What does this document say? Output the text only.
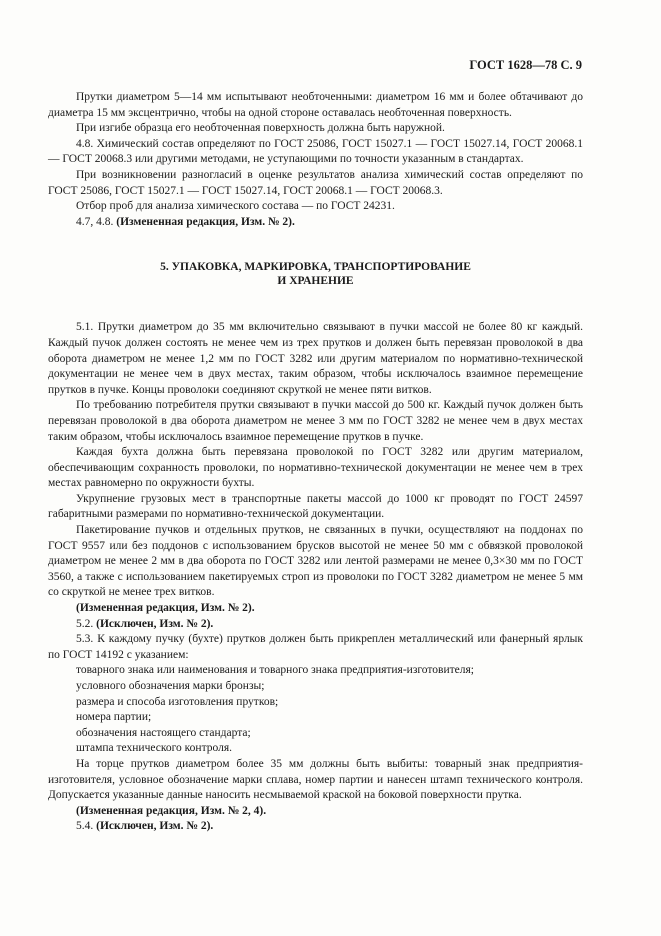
ГОСТ 1628—78 С. 9

Прутки диаметром 5—14 мм испытывают необточенными: диаметром 16 мм и более обтачивают до диаметра 15 мм эксцентрично, чтобы на одной стороне оставалась необточенная поверхность.

При изгибе образца его необточенная поверхность должна быть наружной.

4.8. Химический состав определяют по ГОСТ 25086, ГОСТ 15027.1 — ГОСТ 15027.14, ГОСТ 20068.1 — ГОСТ 20068.3 или другими методами, не уступающими по точности указанным в стандартах.

При возникновении разногласий в оценке результатов анализа химический состав определяют по ГОСТ 25086, ГОСТ 15027.1 — ГОСТ 15027.14, ГОСТ 20068.1 — ГОСТ 20068.3.

Отбор проб для анализа химического состава — по ГОСТ 24231.

4.7, 4.8. (Измененная редакция, Изм. № 2).

5. УПАКОВКА, МАРКИРОВКА, ТРАНСПОРТИРОВАНИЕ
И ХРАНЕНИЕ

5.1. Прутки диаметром до 35 мм включительно связывают в пучки массой не более 80 кг каждый. Каждый пучок должен состоять не менее чем из трех прутков и должен быть перевязан проволокой в два оборота диаметром не менее 1,2 мм по ГОСТ 3282 или другим материалом по нормативно-технической документации не менее чем в двух местах, таким образом, чтобы исключалось взаимное перемещение прутков в пучке. Концы проволоки соединяют скруткой не менее пяти витков.

По требованию потребителя прутки связывают в пучки массой до 500 кг. Каждый пучок должен быть перевязан проволокой в два оборота диаметром не менее 3 мм по ГОСТ 3282 не менее чем в двух местах таким образом, чтобы исключалось взаимное перемещение прутков в пучке.

Каждая бухта должна быть перевязана проволокой по ГОСТ 3282 или другим материалом, обеспечивающим сохранность проволоки, по нормативно-технической документации не менее чем в трех местах равномерно по окружности бухты.

Укрупнение грузовых мест в транспортные пакеты массой до 1000 кг проводят по ГОСТ 24597 габаритными размерами по нормативно-технической документации.

Пакетирование пучков и отдельных прутков, не связанных в пучки, осуществляют на поддонах по ГОСТ 9557 или без поддонов с использованием брусков высотой не менее 50 мм с обвязкой проволокой диаметром не менее 2 мм в два оборота по ГОСТ 3282 или лентой размерами не менее 0,3×30 мм по ГОСТ 3560, а также с использованием пакетируемых строп из проволоки по ГОСТ 3282 диаметром не менее 5 мм со скруткой не менее трех витков.

(Измененная редакция, Изм. № 2).

5.2. (Исключен, Изм. № 2).

5.3. К каждому пучку (бухте) прутков должен быть прикреплен металлический или фанерный ярлык по ГОСТ 14192 с указанием:

товарного знака или наименования и товарного знака предприятия-изготовителя;

условного обозначения марки бронзы;

размера и способа изготовления прутков;

номера партии;

обозначения настоящего стандарта;

штампа технического контроля.

На торце прутков диаметром более 35 мм должны быть выбиты: товарный знак предприятия-изготовителя, условное обозначение марки сплава, номер партии и нанесен штамп технического контроля. Допускается указанные данные наносить несмываемой краской на боковой поверхности прутка.

(Измененная редакция, Изм. № 2, 4).

5.4. (Исключен, Изм. № 2).
